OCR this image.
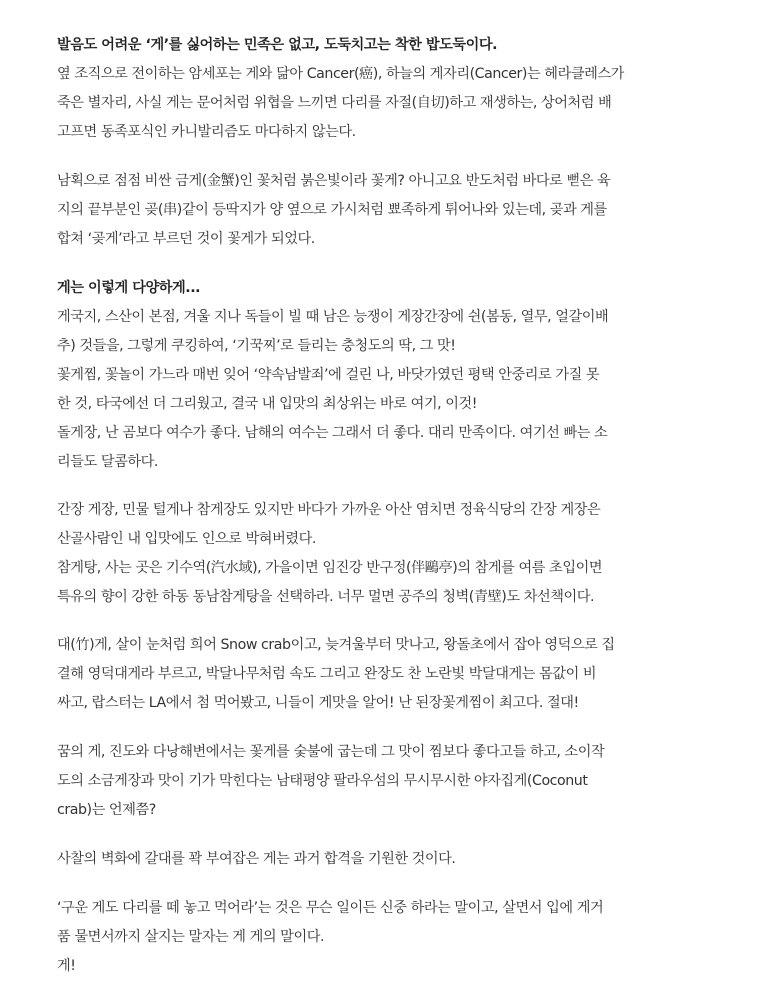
발음도 어려운 ‘게’를 싫어하는 민족은 없고, 도둑치고는 착한 밥도둑이다.
옆 조직으로 전이하는 암세포는 게와 닮아 Cancer(癌), 하늘의 게자리(Cancer)는 헤라클레스가
죽은 별자리, 사실 게는 문어처럼 위협을 느끼면 다리를 자절(自切)하고 재생하는, 상어처럼 배
고프면 동족포식인 카니발리즘도 마다하지 않는다.

남획으로 점점 비싼 금게(金蟹)인 꽃처럼 붉은빛이라 꽃게? 아니고요 반도처럼 바다로 뻗은 육
지의 끝부분인 곶(串)같이 등딱지가 양 옆으로 가시처럼 뾰족하게 튀어나와 있는데, 곶과 게를
합쳐 ‘곶게’라고 부르던 것이 꽃게가 되었다.

게는 이렇게 다양하게...
게국지, 스산이 본점, 겨울 지나 독들이 빌 때 남은 능쟁이 게장간장에 쉰(봄동, 열무, 얼갈이배
추) 것들을, 그렇게 쿠킹하여, ‘기꾹찌’로 들리는 충청도의 딱, 그 맛!
꽃게찜, 꽃놀이 가느라 매번 잊어 ‘약속남발죄’에 걸린 나, 바닷가였던 평택 안중리로 가질 못
한 것, 타국에선 더 그리웠고, 결국 내 입맛의 최상위는 바로 여기, 이것!
돌게장, 난 곰보다 여수가 좋다. 남해의 여수는 그래서 더 좋다. 대리 만족이다. 여기선 빠는 소
리들도 달콤하다.

간장 게장, 민물 털게나 참게장도 있지만 바다가 가까운 아산 염치면 정육식당의 간장 게장은
산골사람인 내 입맛에도 인으로 박혀버렸다.
참게탕, 사는 곳은 기수역(汽水域), 가을이면 임진강 반구정(伴鷗亭)의 참게를 여름 초입이면
특유의 향이 강한 하동 동남참게탕을 선택하라. 너무 멀면 공주의 청벽(青壁)도 차선책이다.

대(竹)게, 살이 눈처럼 희어 Snow crab이고, 늦겨울부터 맛나고, 왕돌초에서 잡아 영덕으로 집
결해 영덕대게라 부르고, 박달나무처럼 속도 그리고 완장도 찬 노란빛 박달대게는 몸값이 비
싸고, 랍스터는 LA에서 첨 먹어봤고, 니들이 게맛을 알어! 난 된장꽃게찜이 최고다. 절대!

꿈의 게, 진도와 다낭해변에서는 꽃게를 숯불에 굽는데 그 맛이 찜보다 좋다고들 하고, 소이작
도의 소금게장과 맛이 기가 막힌다는 남태평양 팔라우섬의 무시무시한 야자집게(Coconut
crab)는 언제쯤?

사찰의 벽화에 갈대를 꽉 부여잡은 게는 과거 합격을 기원한 것이다.

‘구운 게도 다리를 떼 놓고 먹어라’는 것은 무슨 일이든 신중 하라는 말이고, 살면서 입에 게거
품 물면서까지 살지는 말자는 게 게의 말이다.
게!
